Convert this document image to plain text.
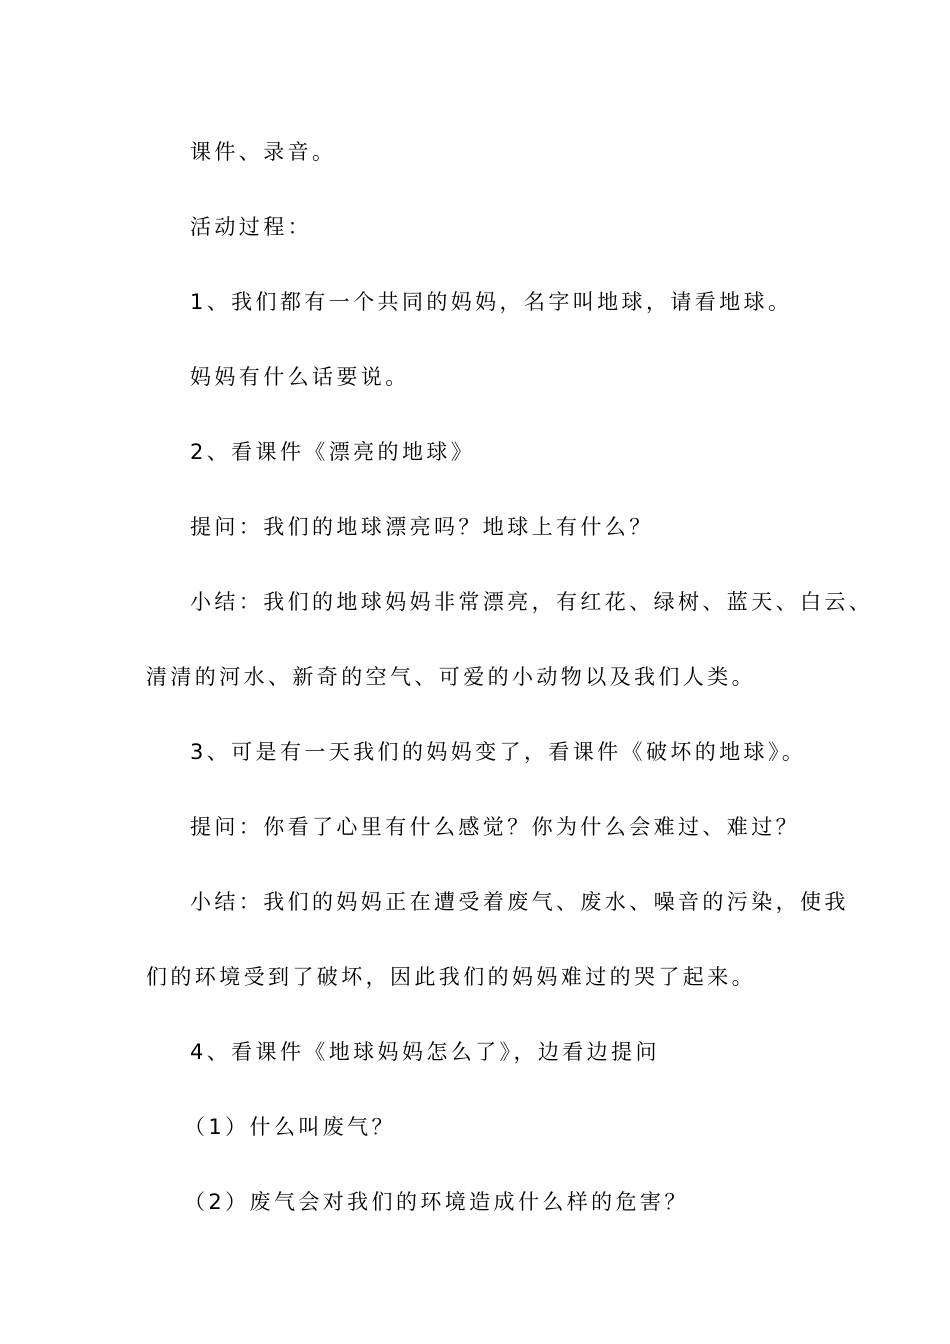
课件、录音。
活动过程：
1、我们都有一个共同的妈妈，名字叫地球，请看地球。
妈妈有什么话要说。
2、看课件《漂亮的地球》
提问：我们的地球漂亮吗？地球上有什么？
小结：我们的地球妈妈非常漂亮，有红花、绿树、蓝天、白云、
清清的河水、新奇的空气、可爱的小动物以及我们人类。
3、可是有一天我们的妈妈变了，看课件《破坏的地球》。
提问：你看了心里有什么感觉？你为什么会难过、难过？
小结：我们的妈妈正在遭受着废气、废水、噪音的污染，使我
们的环境受到了破坏，因此我们的妈妈难过的哭了起来。
4、看课件《地球妈妈怎么了》，边看边提问
（1）什么叫废气？
（2）废气会对我们的环境造成什么样的危害？
